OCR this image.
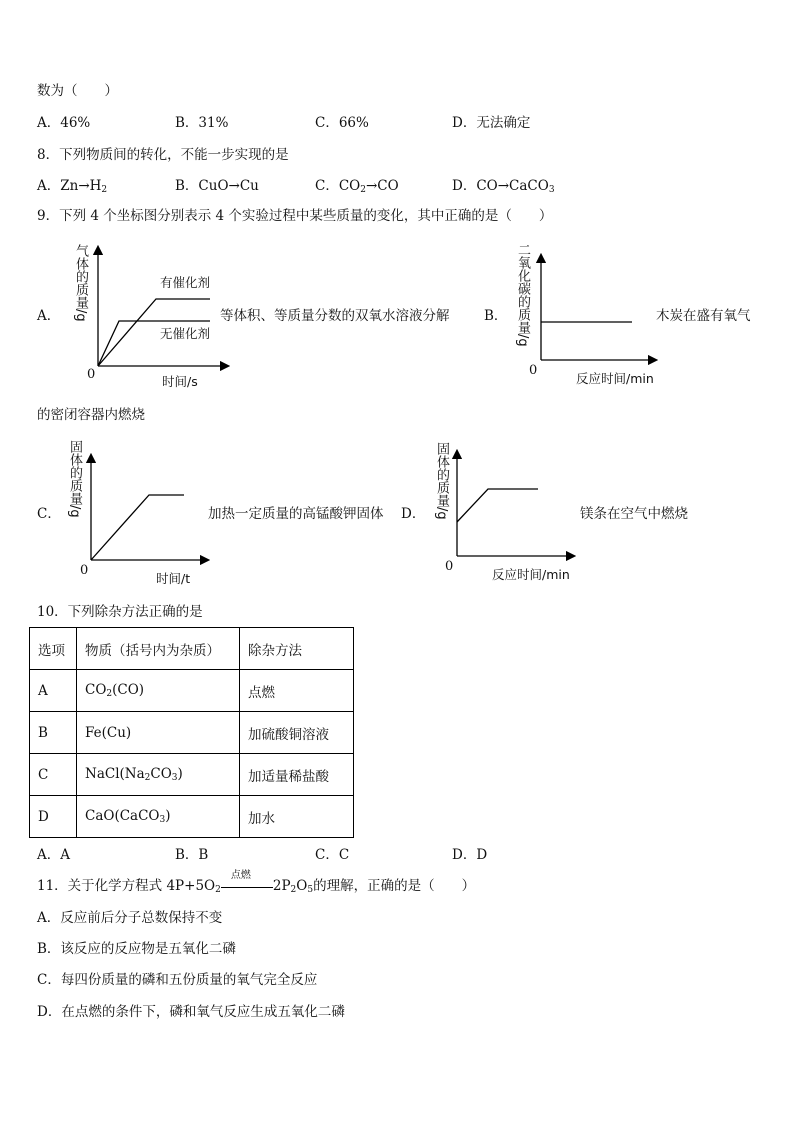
数为（　　）
A．46%	B．31%	C．66%	D．无法确定
8．下列物质间的转化，不能一步实现的是
A．$Zn\to H_2$	B．CuO→Cu	C．$CO_2\to CO$	D．CO→CaCO$_3$
9．下列 4 个坐标图分别表示 4 个实验过程中某些质量的变化，其中正确的是（　　）
A． 气体的质量/g
0	时间/s
有催化剂
无催化剂
等体积、等质量分数的双氧水溶液分解	B． 二氧化碳的质量/g
0
反应时间/min
木炭在盛有氧气
的密闭容器内燃烧
C． 固体的质量/g
0
时间/t
加热一定质量的高锰酸钾固体 D． 固体的质量/g
0
反应时间/min
镁条在空气中燃烧
10．下列除杂方法正确的是
选项	物质（括号内为杂质）	除杂方法
A	$CO_2(CO)$	点燃
B	Fe(Cu)	加硫酸铜溶液
C	$NaCl(Na_2CO_3)$	加适量稀盐酸
D	CaO(CaCO$_3$)	加水
A．A	B．B	C．C	D．D
11．关于化学方程式 $4P+5O_2$
点燃
$2P_2O_5$的理解，正确的是（　　）
A．反应前后分子总数保持不变
B．该反应的反应物是五氧化二磷
C．每四份质量的磷和五份质量的氧气完全反应
D．在点燃的条件下，磷和氧气反应生成五氧化二磷
